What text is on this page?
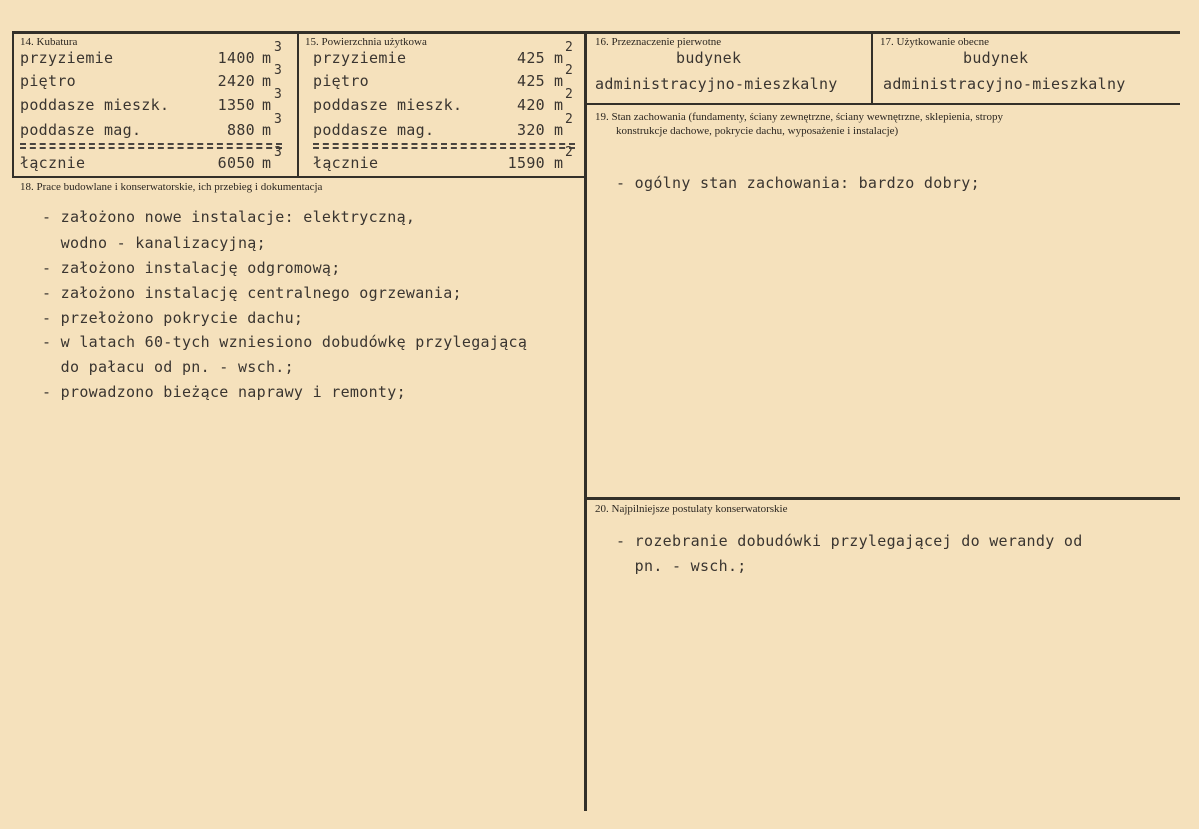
14. Kubatura
przyziemie	1400 m
3
piętro	2420 m
3
poddasze mieszk.	1350 m
3
poddasze mag.	880 m
3
łącznie	6050 m
3
15. Powierzchnia użytkowa
przyziemie	425 m
2
piętro	425 m
2
poddasze mieszk.	420 m
2
poddasze mag.	320 m
2
łącznie	1590 m
2
16. Przeznaczenie pierwotne
budynek
administracyjno-mieszkalny
17. Użytkowanie obecne
budynek
administracyjno-mieszkalny
18. Prace budowlane i konserwatorskie, ich przebieg i dokumentacja
- założono nowe instalacje: elektryczną,
wodno - kanalizacyjną;
- założono instalację odgromową;
- założono instalację centralnego ogrzewania;
- przełożono pokrycie dachu;
- w latach 60-tych wzniesiono dobudówkę przylegającą
do pałacu od pn. - wsch.;
- prowadzono bieżące naprawy i remonty;
19. Stan zachowania (fundamenty, ściany zewnętrzne, ściany wewnętrzne, sklepienia, stropy
konstrukcje dachowe, pokrycie dachu, wyposażenie i instalacje)
- ogólny stan zachowania: bardzo dobry;
20. Najpilniejsze postulaty konserwatorskie
- rozebranie dobudówki przylegającej do werandy od
pn. - wsch.;
